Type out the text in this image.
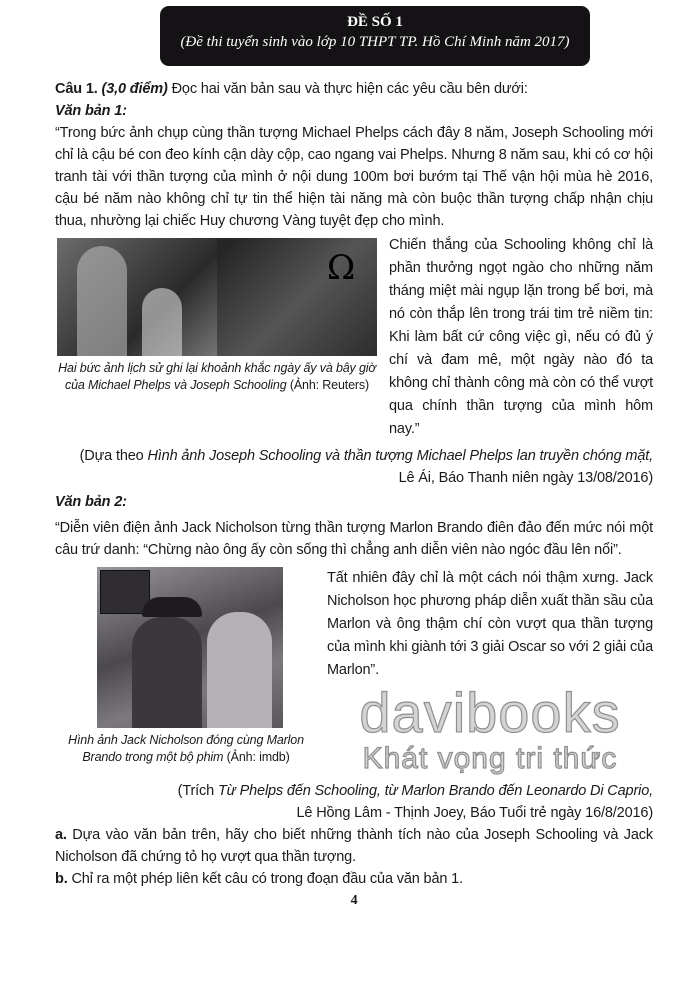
ĐỀ SỐ 1
(Đề thi tuyển sinh vào lớp 10 THPT TP. Hồ Chí Minh năm 2017)
Câu 1. (3,0 điểm) Đọc hai văn bản sau và thực hiện các yêu cầu bên dưới:
Văn bản 1:
“Trong bức ảnh chụp cùng thần tượng Michael Phelps cách đây 8 năm, Joseph Schooling mới chỉ là cậu bé con đeo kính cận dày cộp, cao ngang vai Phelps. Nhưng 8 năm sau, khi có cơ hội tranh tài với thần tượng của mình ở nội dung 100m bơi bướm tại Thế vận hội mùa hè 2016, cậu bé năm nào không chỉ tự tin thể hiện tài năng mà còn buộc thần tượng chấp nhận chịu thua, nhường lại chiếc Huy chương Vàng tuyệt đẹp cho mình.
Ω
Hai bức ảnh lịch sử ghi lại khoảnh khắc ngày ấy và bây giờ của Michael Phelps và Joseph Schooling (Ảnh: Reuters)
Chiến thắng của Schooling không chỉ là phần thưởng ngọt ngào cho những năm tháng miệt mài ngụp lặn trong bể bơi, mà nó còn thắp lên trong trái tim trẻ niềm tin: Khi làm bất cứ công việc gì, nếu có đủ ý chí và đam mê, một ngày nào đó ta không chỉ thành công mà còn có thể vượt qua chính thần tượng của mình hôm nay.”
(Dựa theo Hình ảnh Joseph Schooling và thần tượng Michael Phelps lan truyền chóng mặt,
Lê Ái, Báo Thanh niên ngày 13/08/2016)
Văn bản 2:
“Diễn viên điện ảnh Jack Nicholson từng thần tượng Marlon Brando điên đảo đến mức nói một câu trứ danh: “Chừng nào ông ấy còn sống thì chẳng anh diễn viên nào ngóc đầu lên nổi”.
Hình ảnh Jack Nicholson đóng cùng Marlon Brando trong một bộ phim (Ảnh: imdb)
Tất nhiên đây chỉ là một cách nói thậm xưng. Jack Nicholson học phương pháp diễn xuất thần sầu của Marlon và ông thậm chí còn vượt qua thần tượng của mình khi giành tới 3 giải Oscar so với 2 giải của Marlon”.
davibooks
Khát vọng tri thức
(Trích Từ Phelps đến Schooling, từ Marlon Brando đến Leonardo Di Caprio,
Lê Hồng Lâm - Thịnh Joey, Báo Tuổi trẻ ngày 16/8/2016)
a. Dựa vào văn bản trên, hãy cho biết những thành tích nào của Joseph Schooling và Jack Nicholson đã chứng tỏ họ vượt qua thần tượng.
b. Chỉ ra một phép liên kết câu có trong đoạn đầu của văn bản 1.
4
